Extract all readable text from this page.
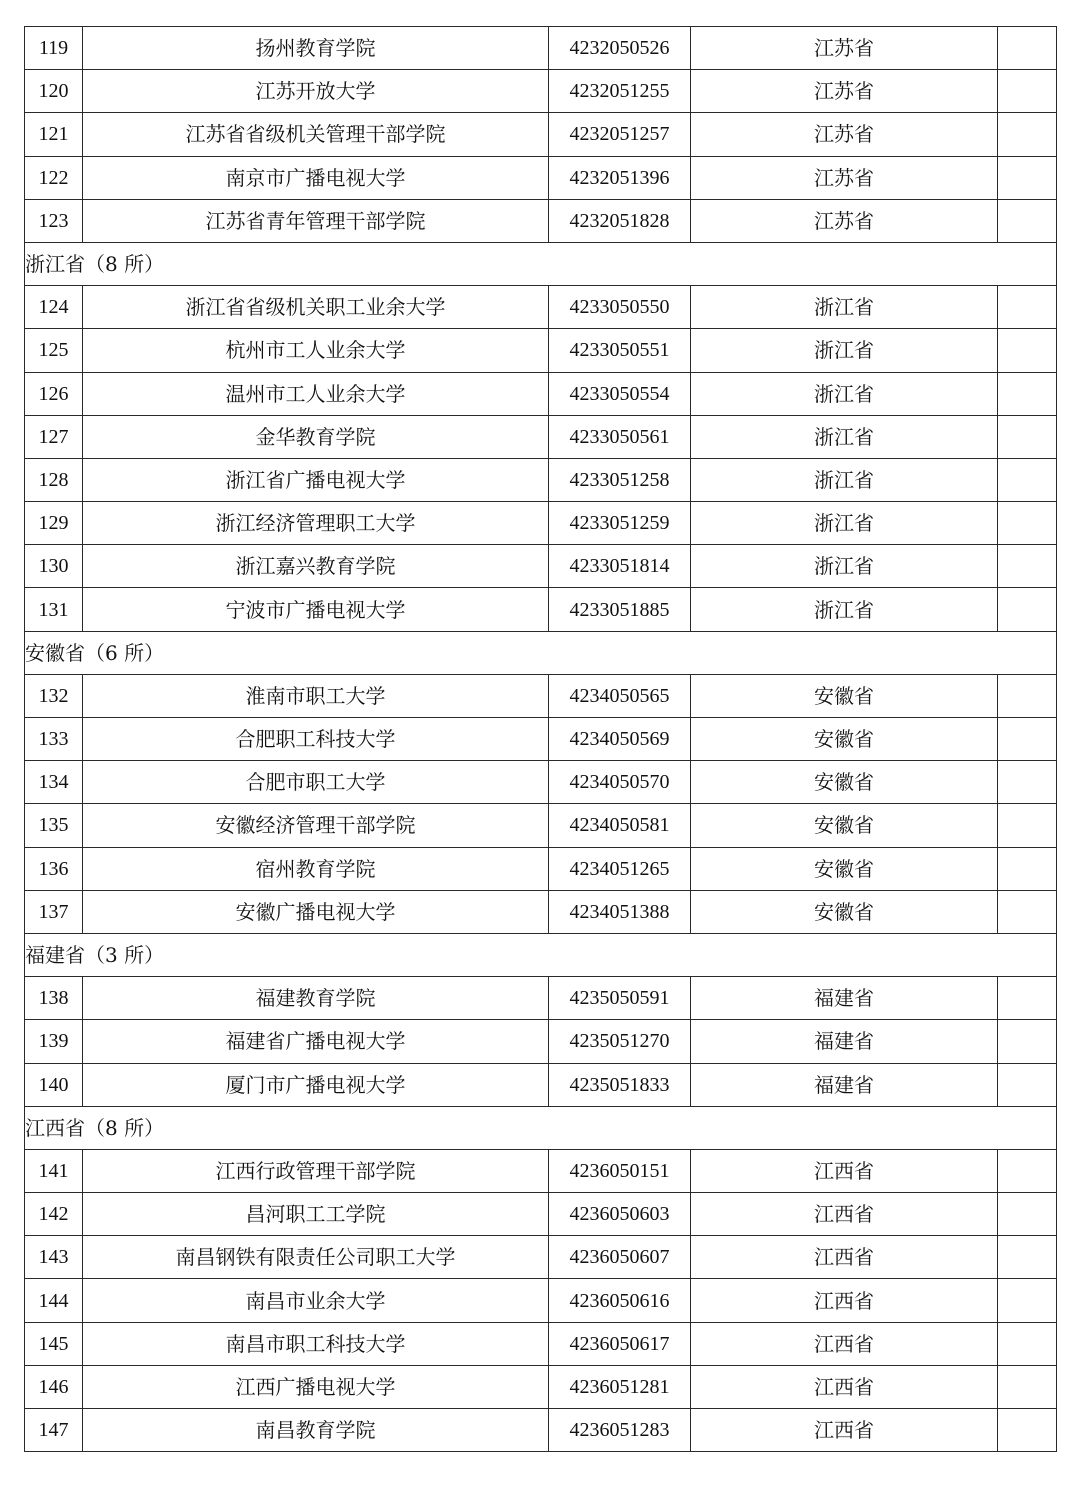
119	扬州教育学院	4232050526	江苏省	
120	江苏开放大学	4232051255	江苏省	
121	江苏省省级机关管理干部学院	4232051257	江苏省	
122	南京市广播电视大学	4232051396	江苏省	
123	江苏省青年管理干部学院	4232051828	江苏省	
浙江省（8 所）				
124	浙江省省级机关职工业余大学	4233050550	浙江省	
125	杭州市工人业余大学	4233050551	浙江省	
126	温州市工人业余大学	4233050554	浙江省	
127	金华教育学院	4233050561	浙江省	
128	浙江省广播电视大学	4233051258	浙江省	
129	浙江经济管理职工大学	4233051259	浙江省	
130	浙江嘉兴教育学院	4233051814	浙江省	
131	宁波市广播电视大学	4233051885	浙江省	
安徽省（6 所）				
132	淮南市职工大学	4234050565	安徽省	
133	合肥职工科技大学	4234050569	安徽省	
134	合肥市职工大学	4234050570	安徽省	
135	安徽经济管理干部学院	4234050581	安徽省	
136	宿州教育学院	4234051265	安徽省	
137	安徽广播电视大学	4234051388	安徽省	
福建省（3 所）				
138	福建教育学院	4235050591	福建省	
139	福建省广播电视大学	4235051270	福建省	
140	厦门市广播电视大学	4235051833	福建省	
江西省（8 所）				
141	江西行政管理干部学院	4236050151	江西省	
142	昌河职工工学院	4236050603	江西省	
143	南昌钢铁有限责任公司职工大学	4236050607	江西省	
144	南昌市业余大学	4236050616	江西省	
145	南昌市职工科技大学	4236050617	江西省	
146	江西广播电视大学	4236051281	江西省	
147	南昌教育学院	4236051283	江西省	
